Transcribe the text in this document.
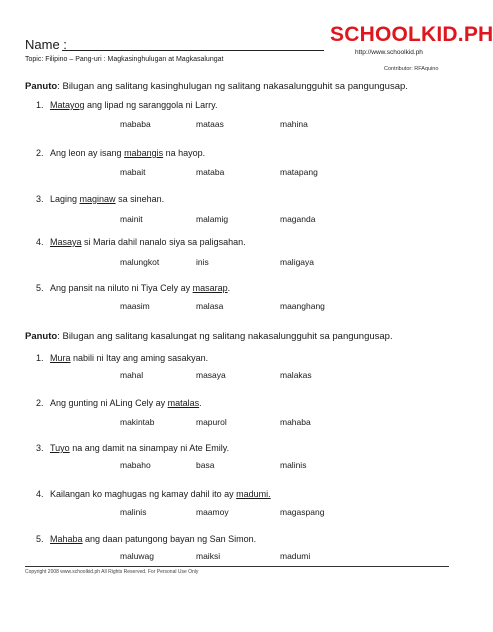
Name :
Topic: Filipino – Pang-uri : Magkasinghulugan at Magkasalungat
SCHOOLKID.PH
http://www.schoolkid.ph
Contributor: RFAquino
Panuto: Bilugan ang salitang kasinghulugan ng salitang nakasalungguhit sa pangungusap.
1. Matayog ang lipad ng saranggola ni Larry.
mababa	mataas	mahina
2. Ang leon ay isang mabangis na hayop.
mabait	mataba	matapang
3. Laging maginaw sa sinehan.
mainit	malamig	maganda
4. Masaya si Maria dahil nanalo siya sa paligsahan.
malungkot	inis	maligaya
5. Ang pansit na niluto ni Tiya Cely ay masarap.
maasim	malasa	maanghang
Panuto: Bilugan ang salitang kasalungat ng salitang nakasalungguhit sa pangungusap.
1. Mura nabili ni Itay ang aming sasakyan.
mahal	masaya	malakas
2. Ang gunting ni ALing Cely ay matalas.
makintab	mapurol	mahaba
3. Tuyo na ang damit na sinampay ni Ate Emily.
mabaho	basa	malinis
4. Kailangan ko maghugas ng kamay dahil ito ay madumi.
malinis	maamoy	magaspang
5. Mahaba ang daan patungong bayan ng San Simon.
maluwag	maiksi	madumi
Copyright 2008 www.schoolkid.ph All Rights Reserved. For Personal Use Only
